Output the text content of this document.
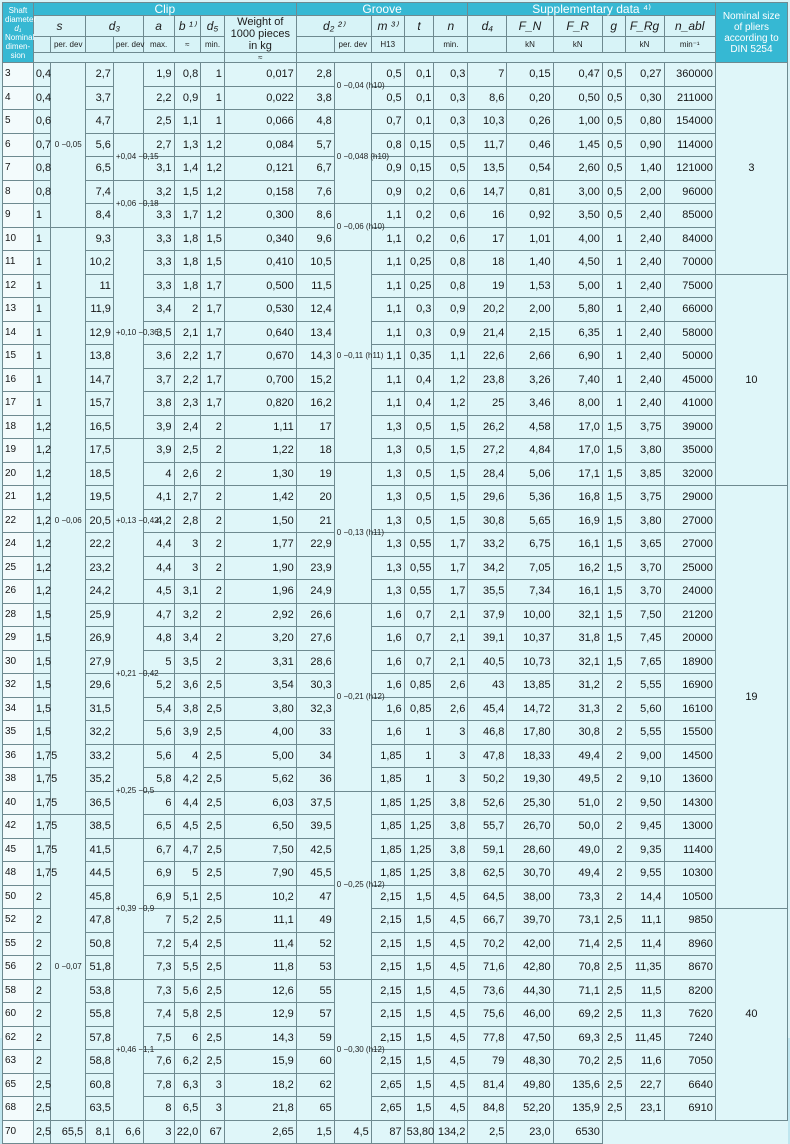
Shaft diameter
d₁
Nominal dimen-sion	Clip								Groove					Supplementary data ⁴⁾						Nominal size of pliers according to DIN 5254
	s		d₃		a	b ¹⁾	d₅	Weight of 1000 pieces in kg	d₂ ²⁾		m ³⁾	t	n	d₄	F_N	F_R	g	F_Rg	n_abl	
		per. dev		per. dev	max.	≈	min.			per. dev	H13		min.		kN	kN		kN	min⁻¹	
								≈												
3	0,4	0 −0,05	2,7		1,9	0,8	1	0,017	2,8	0 −0,04 (h10)	0,5	0,1	0,3	7	0,15	0,47	0,5	0,27	360000	3
4	0,4		3,7		2,2	0,9	1	0,022	3,8		0,5	0,1	0,3	8,6	0,20	0,50	0,5	0,30	211000	
5	0,6		4,7		2,5	1,1	1	0,066	4,8	0 −0,048 (h10)	0,7	0,1	0,3	10,3	0,26	1,00	0,5	0,80	154000	
6	0,7		5,6	+0,04 −0,15	2,7	1,3	1,2	0,084	5,7		0,8	0,15	0,5	11,7	0,46	1,45	0,5	0,90	114000	
7	0,8		6,5		3,1	1,4	1,2	0,121	6,7		0,9	0,15	0,5	13,5	0,54	2,60	0,5	1,40	121000	
8	0,8		7,4	+0,06 −0,18	3,2	1,5	1,2	0,158	7,6		0,9	0,2	0,6	14,7	0,81	3,00	0,5	2,00	96000	
9	1		8,4		3,3	1,7	1,2	0,300	8,6	0 −0,06 (h10)	1,1	0,2	0,6	16	0,92	3,50	0,5	2,40	85000	
10	1	0 −0,06	9,3	+0,10 −0,36	3,3	1,8	1,5	0,340	9,6		1,1	0,2	0,6	17	1,01	4,00	1	2,40	84000	
11	1		10,2		3,3	1,8	1,5	0,410	10,5	0 −0,11 (h11)	1,1	0,25	0,8	18	1,40	4,50	1	2,40	70000	
12	1		11		3,3	1,8	1,7	0,500	11,5		1,1	0,25	0,8	19	1,53	5,00	1	2,40	75000	10
13	1		11,9		3,4	2	1,7	0,530	12,4		1,1	0,3	0,9	20,2	2,00	5,80	1	2,40	66000	
14	1		12,9		3,5	2,1	1,7	0,640	13,4		1,1	0,3	0,9	21,4	2,15	6,35	1	2,40	58000	
15	1		13,8		3,6	2,2	1,7	0,670	14,3		1,1	0,35	1,1	22,6	2,66	6,90	1	2,40	50000	
16	1		14,7		3,7	2,2	1,7	0,700	15,2		1,1	0,4	1,2	23,8	3,26	7,40	1	2,40	45000	
17	1		15,7		3,8	2,3	1,7	0,820	16,2		1,1	0,4	1,2	25	3,46	8,00	1	2,40	41000	
18	1,2		16,5		3,9	2,4	2	1,11	17		1,3	0,5	1,5	26,2	4,58	17,0	1,5	3,75	39000	
19	1,2		17,5	+0,13 −0,42	3,9	2,5	2	1,22	18		1,3	0,5	1,5	27,2	4,84	17,0	1,5	3,80	35000	
20	1,2		18,5		4	2,6	2	1,30	19	0 −0,13 (h11)	1,3	0,5	1,5	28,4	5,06	17,1	1,5	3,85	32000	
21	1,2		19,5		4,1	2,7	2	1,42	20		1,3	0,5	1,5	29,6	5,36	16,8	1,5	3,75	29000	19
22	1,2		20,5		4,2	2,8	2	1,50	21		1,3	0,5	1,5	30,8	5,65	16,9	1,5	3,80	27000	
24	1,2		22,2		4,4	3	2	1,77	22,9		1,3	0,55	1,7	33,2	6,75	16,1	1,5	3,65	27000	
25	1,2		23,2		4,4	3	2	1,90	23,9		1,3	0,55	1,7	34,2	7,05	16,2	1,5	3,70	25000	
26	1,2		24,2		4,5	3,1	2	1,96	24,9		1,3	0,55	1,7	35,5	7,34	16,1	1,5	3,70	24000	
28	1,5		25,9	+0,21 −0,42	4,7	3,2	2	2,92	26,6	0 −0,21 (h12)	1,6	0,7	2,1	37,9	10,00	32,1	1,5	7,50	21200	
29	1,5		26,9		4,8	3,4	2	3,20	27,6		1,6	0,7	2,1	39,1	10,37	31,8	1,5	7,45	20000	
30	1,5		27,9		5	3,5	2	3,31	28,6		1,6	0,7	2,1	40,5	10,73	32,1	1,5	7,65	18900	
32	1,5		29,6		5,2	3,6	2,5	3,54	30,3		1,6	0,85	2,6	43	13,85	31,2	2	5,55	16900	
34	1,5		31,5		5,4	3,8	2,5	3,80	32,3		1,6	0,85	2,6	45,4	14,72	31,3	2	5,60	16100	
35	1,5		32,2		5,6	3,9	2,5	4,00	33		1,6	1	3	46,8	17,80	30,8	2	5,55	15500	
36	1,75		33,2	+0,25 −0,5	5,6	4	2,5	5,00	34		1,85	1	3	47,8	18,33	49,4	2	9,00	14500	
38	1,75		35,2		5,8	4,2	2,5	5,62	36		1,85	1	3	50,2	19,30	49,5	2	9,10	13600	
40	1,75		36,5		6	4,4	2,5	6,03	37,5	0 −0,25 (h12)	1,85	1,25	3,8	52,6	25,30	51,0	2	9,50	14300	
42	1,75	0 −0,07	38,5		6,5	4,5	2,5	6,50	39,5		1,85	1,25	3,8	55,7	26,70	50,0	2	9,45	13000	
45	1,75		41,5	+0,39 −0,9	6,7	4,7	2,5	7,50	42,5		1,85	1,25	3,8	59,1	28,60	49,0	2	9,35	11400	
48	1,75		44,5		6,9	5	2,5	7,90	45,5		1,85	1,25	3,8	62,5	30,70	49,4	2	9,55	10300	
50	2		45,8		6,9	5,1	2,5	10,2	47		2,15	1,5	4,5	64,5	38,00	73,3	2	14,4	10500	
52	2		47,8		7	5,2	2,5	11,1	49		2,15	1,5	4,5	66,7	39,70	73,1	2,5	11,1	9850	40
55	2		50,8		7,2	5,4	2,5	11,4	52		2,15	1,5	4,5	70,2	42,00	71,4	2,5	11,4	8960	
56	2		51,8		7,3	5,5	2,5	11,8	53		2,15	1,5	4,5	71,6	42,80	70,8	2,5	11,35	8670	
58	2		53,8	+0,46 −1,1	7,3	5,6	2,5	12,6	55	0 −0,30 (h12)	2,15	1,5	4,5	73,6	44,30	71,1	2,5	11,5	8200	
60	2		55,8		7,4	5,8	2,5	12,9	57		2,15	1,5	4,5	75,6	46,00	69,2	2,5	11,3	7620	
62	2		57,8		7,5	6	2,5	14,3	59		2,15	1,5	4,5	77,8	47,50	69,3	2,5	11,45	7240	
63	2		58,8		7,6	6,2	2,5	15,9	60		2,15	1,5	4,5	79	48,30	70,2	2,5	11,6	7050	
65	2,5		60,8		7,8	6,3	3	18,2	62		2,65	1,5	4,5	81,4	49,80	135,6	2,5	22,7	6640	
68	2,5		63,5		8	6,5	3	21,8	65		2,65	1,5	4,5	84,8	52,20	135,9	2,5	23,1	6910	
70	2,5	65,5	8,1	6,6	3	22,0	67	2,65	1,5	4,5	87	53,80	134,2	2,5	23,0	6530				
